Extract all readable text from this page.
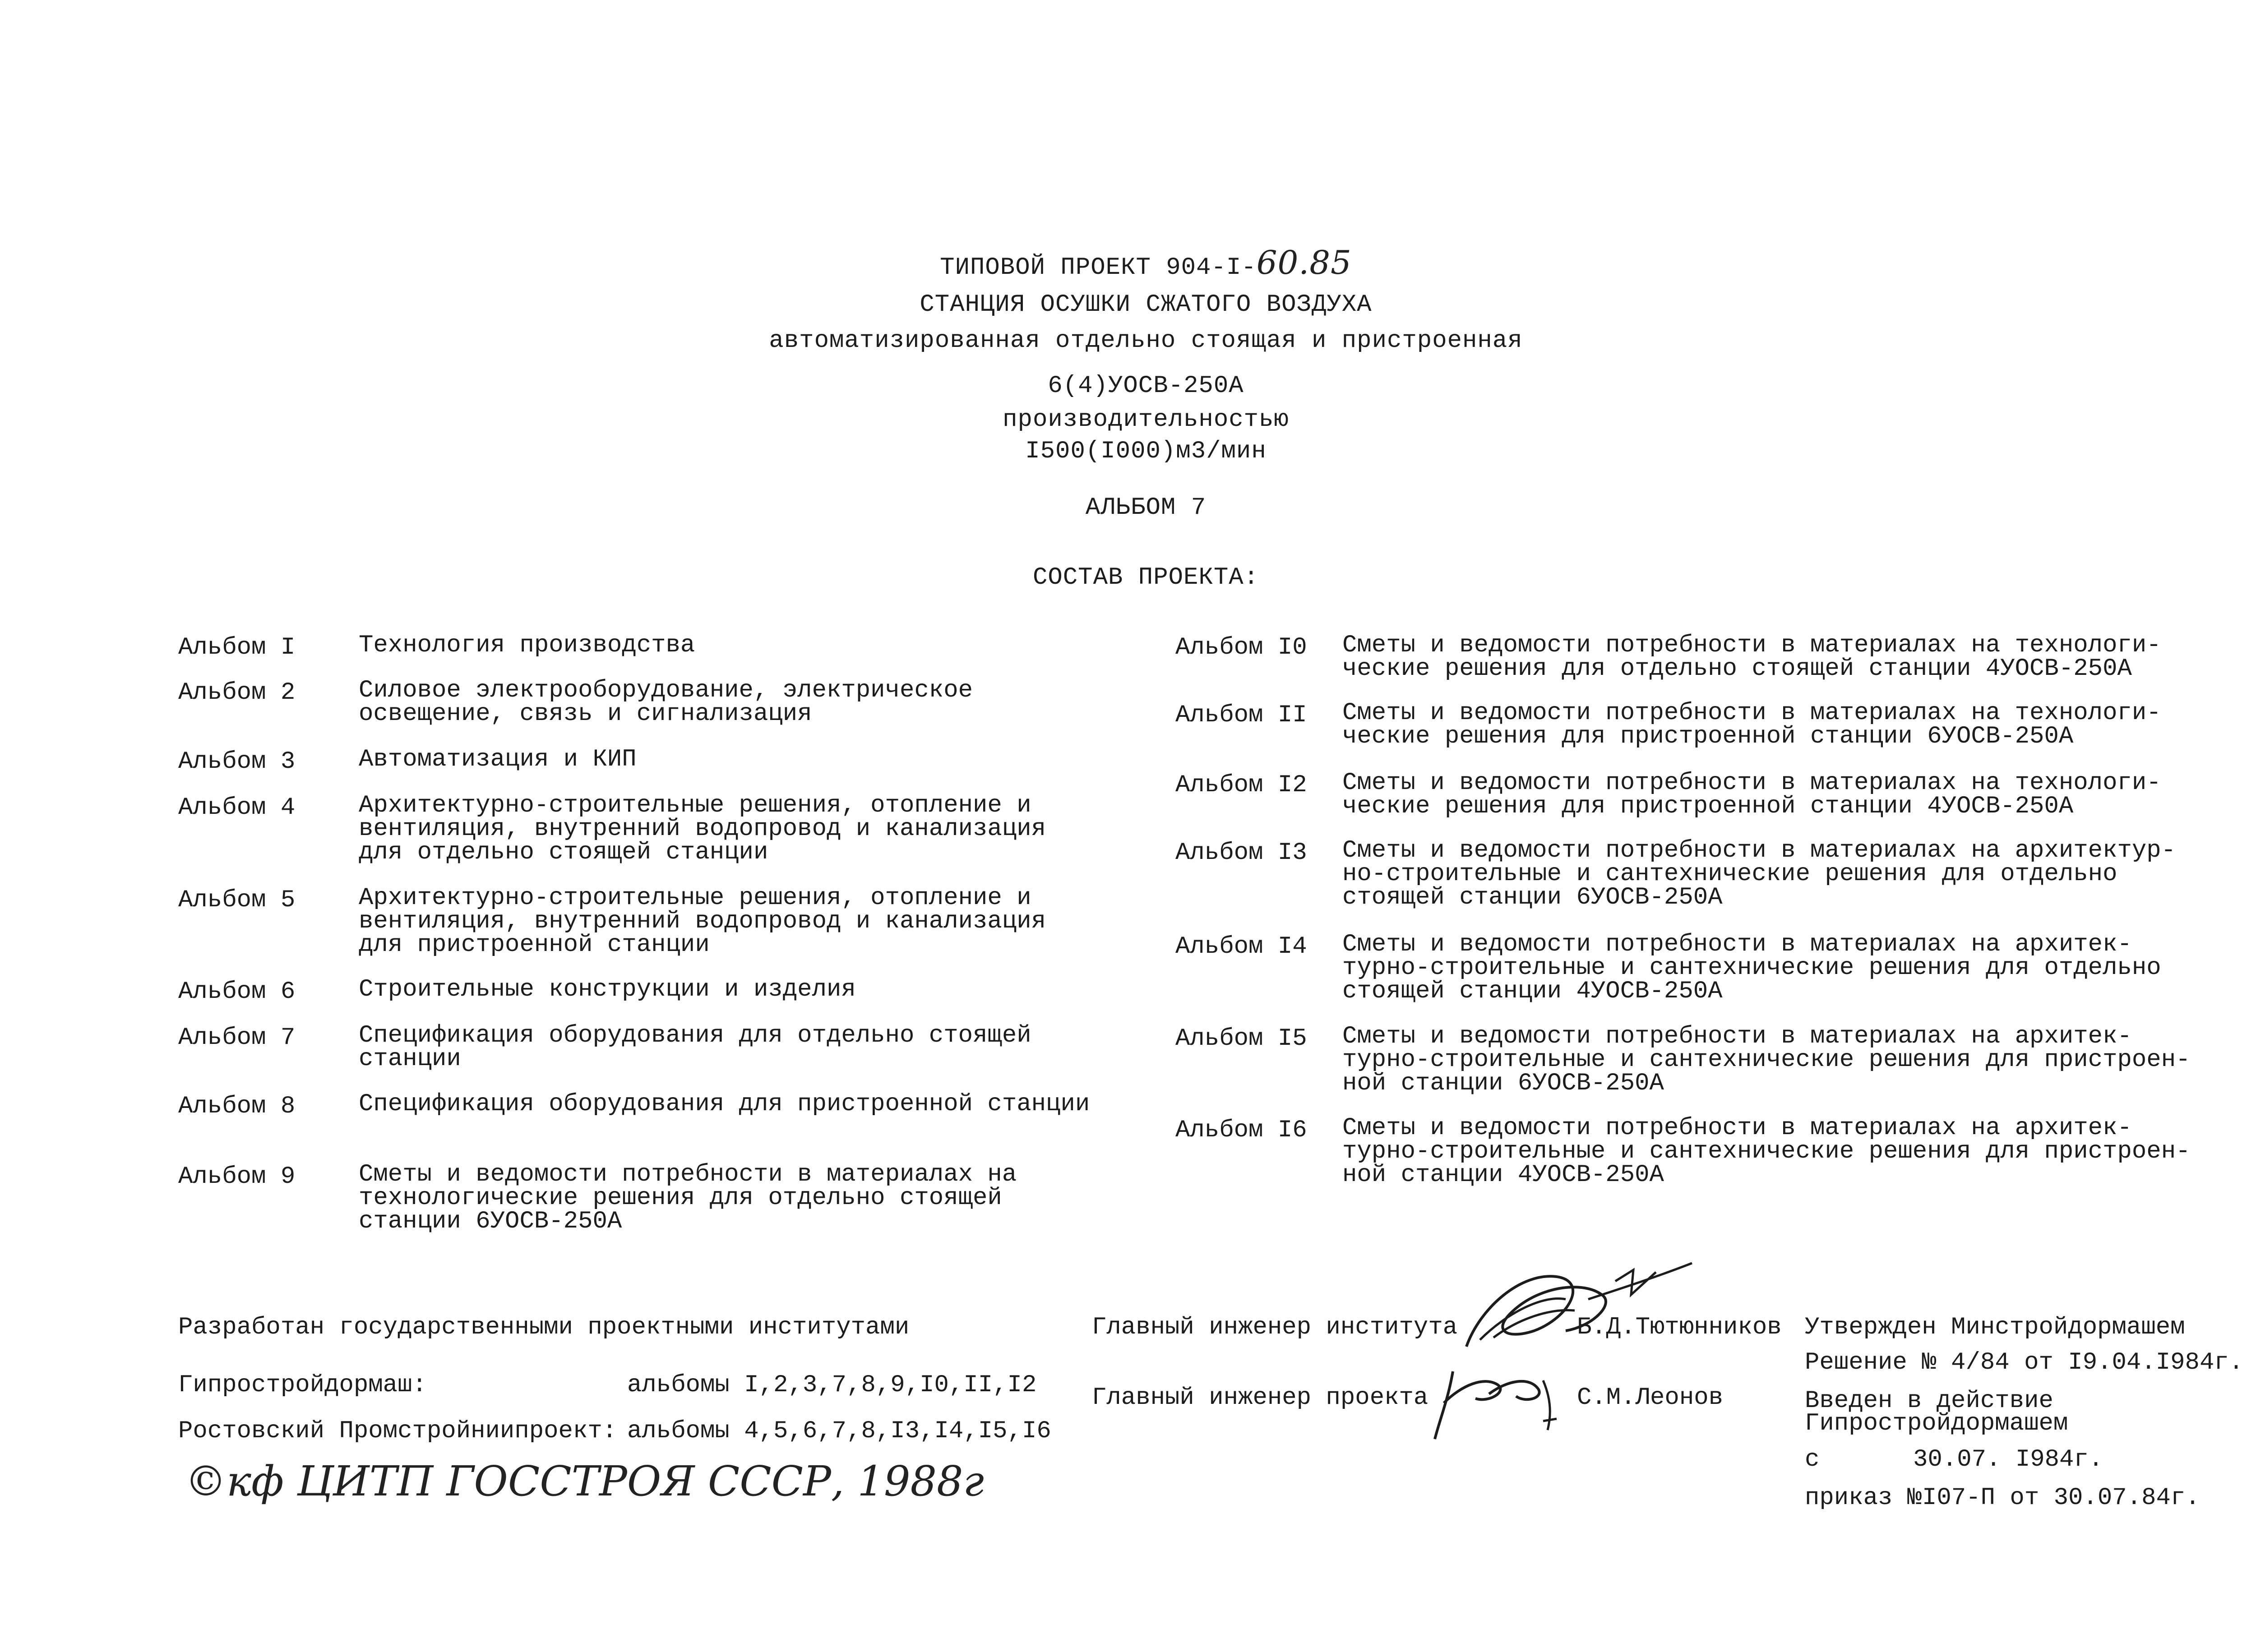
ТИПОВОЙ ПРОЕКТ 904-I-60.85
СТАНЦИЯ ОСУШКИ СЖАТОГО ВОЗДУХА
автоматизированная отдельно стоящая и пристроенная
6(4)УОСВ-250А
производительностью
I500(I000)м3/мин
АЛЬБОМ 7
СОСТАВ ПРОЕКТА:
Альбом I	Технология производства
Альбом 2	Силовое электрооборудование, электрическое
освещение, связь и сигнализация
Альбом 3	Автоматизация и КИП
Альбом 4	Архитектурно-строительные решения, отопление и
вентиляция, внутренний водопровод и канализация
для отдельно стоящей станции
Альбом 5	Архитектурно-строительные решения, отопление и
вентиляция, внутренний водопровод и канализация
для пристроенной станции
Альбом 6	Строительные конструкции и изделия
Альбом 7	Спецификация оборудования для отдельно стоящей
станции
Альбом 8	Спецификация оборудования для пристроенной станции
Альбом 9	Сметы и ведомости потребности в материалах на
технологические решения для отдельно стоящей
станции 6УОСВ-250А
Альбом I0	Сметы и ведомости потребности в материалах на технологи-
ческие решения для отдельно стоящей станции 4УОСВ-250А
Альбом II	Сметы и ведомости потребности в материалах на технологи-
ческие решения для пристроенной станции 6УОСВ-250А
Альбом I2	Сметы и ведомости потребности в материалах на технологи-
ческие решения для пристроенной станции 4УОСВ-250А
Альбом I3	Сметы и ведомости потребности в материалах на архитектур-
но-строительные и сантехнические решения для отдельно
стоящей станции 6УОСВ-250А
Альбом I4	Сметы и ведомости потребности в материалах на архитек-
турно-строительные и сантехнические решения для отдельно
стоящей станции 4УОСВ-250А
Альбом I5	Сметы и ведомости потребности в материалах на архитек-
турно-строительные и сантехнические решения для пристроен-
ной станции 6УОСВ-250А
Альбом I6	Сметы и ведомости потребности в материалах на архитек-
турно-строительные и сантехнические решения для пристроен-
ной станции 4УОСВ-250А
Разработан государственными проектными институтами
Гипростройдормаш:	альбомы I,2,3,7,8,9,I0,II,I2
Ростовский Промстройниипроект: альбомы 4,5,6,7,8,I3,I4,I5,I6
Главный инженер института	Б.Д.Тютюнников
Главный инженер проекта	С.М.Леонов
Утвержден Минстройдормашем
Решение № 4/84 от I9.04.I984г.
Введен в действие
Гипростройдормашем
с	30.07. I984г.
приказ № I07-П от 30.07.84г.
©кф ЦИТП ГОССТРОЯ СССР, 1988г
